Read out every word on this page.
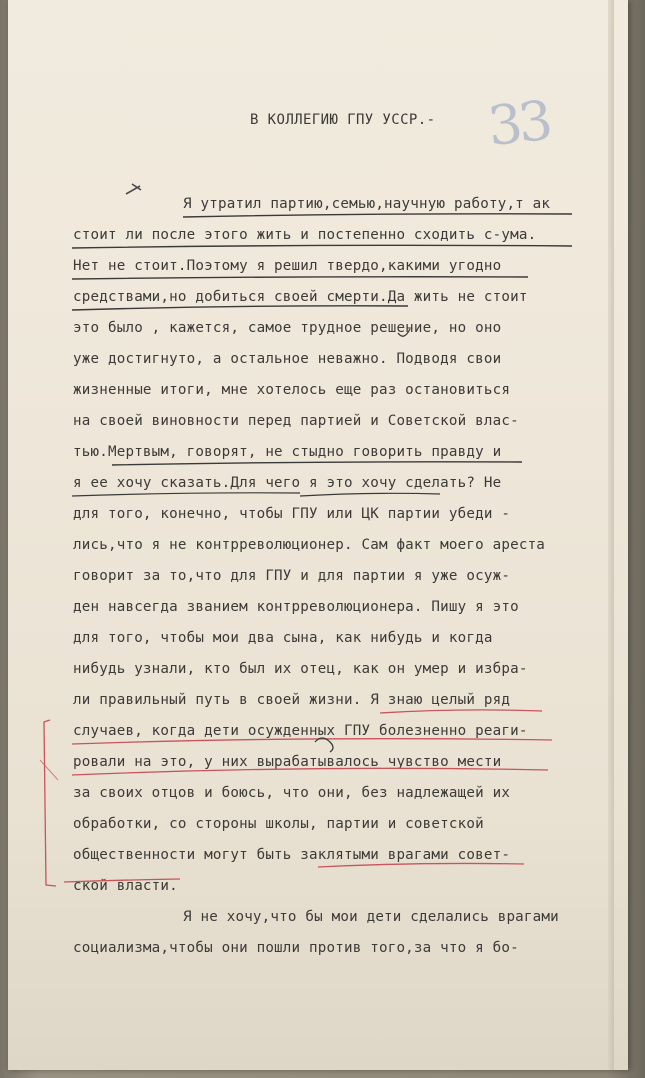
33
В КОЛЛЕГИЮ ГПУ УССР.-
Я утратил партию,семью,научную работу,т ак
стоит ли после этого жить и постепенно сходить с-ума.
Нет не стоит.Поэтому я решил твердо,какими угодно
средствами,но добиться своей смерти.Да жить не стоит
это было , кажется, самое трудное решение, но оно
уже достигнуто, а остальное неважно. Подводя свои
жизненные итоги, мне хотелось еще раз остановиться
на своей виновности перед партией и Советской влас-
тью.Мертвым, говорят, не стыдно говорить правду и
я ее хочу сказать.Для чего я это хочу сделать? Не
для того, конечно, чтобы ГПУ или ЦК партии убеди -
лись,что я не контрреволюционер. Сам факт моего ареста
говорит за то,что для ГПУ и для партии я уже осуж-
ден навсегда званием контрреволюционера. Пишу я это
для того, чтобы мои два сына, как нибудь и когда
нибудь узнали, кто был их отец, как он умер и избра-
ли правильный путь в своей жизни. Я знаю целый ряд
случаев, когда дети осужденных ГПУ болезненно реаги-
ровали на это, у них вырабатывалось чувство мести
за своих отцов и боюсь, что они, без надлежащей их
обработки, со стороны школы, партии и советской
общественности могут быть заклятыми врагами совет-
ской власти.
Я не хочу,что бы мои дети сделались врагами
социализма,чтобы они пошли против того,за что я бо-
